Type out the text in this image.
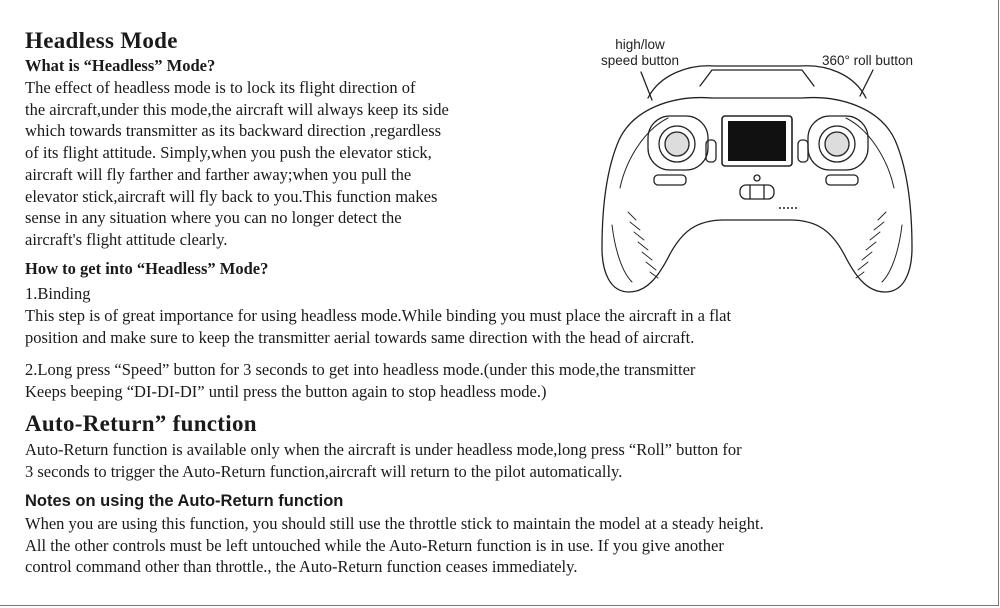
Headless Mode
What is “Headless” Mode?
The effect of headless mode is to lock its flight direction of
the aircraft,under this mode,the aircraft will always keep its side
which towards transmitter as its backward direction ,regardless
of its flight attitude. Simply,when you push the elevator stick,
aircraft will fly farther and farther away;when you pull the
elevator stick,aircraft will fly back to you.This function makes
sense in any situation where you can no longer detect the
aircraft's flight attitude clearly.
How to get into “Headless” Mode?
1.Binding
This step is of great importance for using headless mode.While binding you must place the aircraft in a flat
position and make sure to keep the transmitter aerial towards same direction with the head of aircraft.
2.Long press “Speed” button for 3 seconds to get into headless mode.(under this mode,the transmitter
Keeps beeping “DI-DI-DI” until press the button again to stop headless mode.)
Auto-Return” function
Auto-Return function is available only when the aircraft is under headless mode,long press “Roll” button for
3 seconds to trigger the Auto-Return function,aircraft will return to the pilot automatically.
Notes on using the Auto-Return function
When you are using this function, you should still use the throttle stick to maintain the model at a steady height.
All the other controls must be left untouched while the Auto-Return function is in use. If you give another
control command other than throttle., the Auto-Return function ceases immediately.
high/low
speed button	360° roll button
